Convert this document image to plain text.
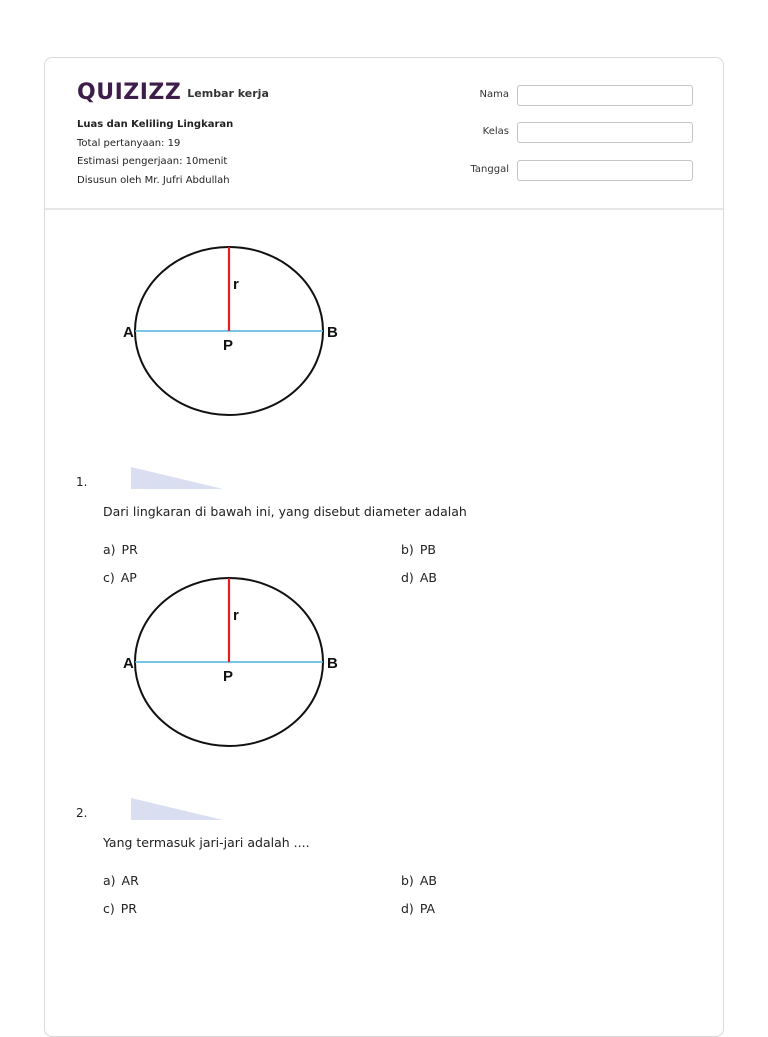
QUIZIZZ Lembar kerja
Luas dan Keliling Lingkaran
Total pertanyaan: 19
Estimasi pengerjaan: 10menit
Disusun oleh Mr. Jufri Abdullah
Nama
Kelas
Tanggal
A	B
P
r
1.
Dari lingkaran di bawah ini, yang disebut diameter adalah
a) PR	b) PB
c) AP	d) AB
A	B
P
r
2.
Yang termasuk jari-jari adalah ....
a) AR	b) AB
c) PR	d) PA
